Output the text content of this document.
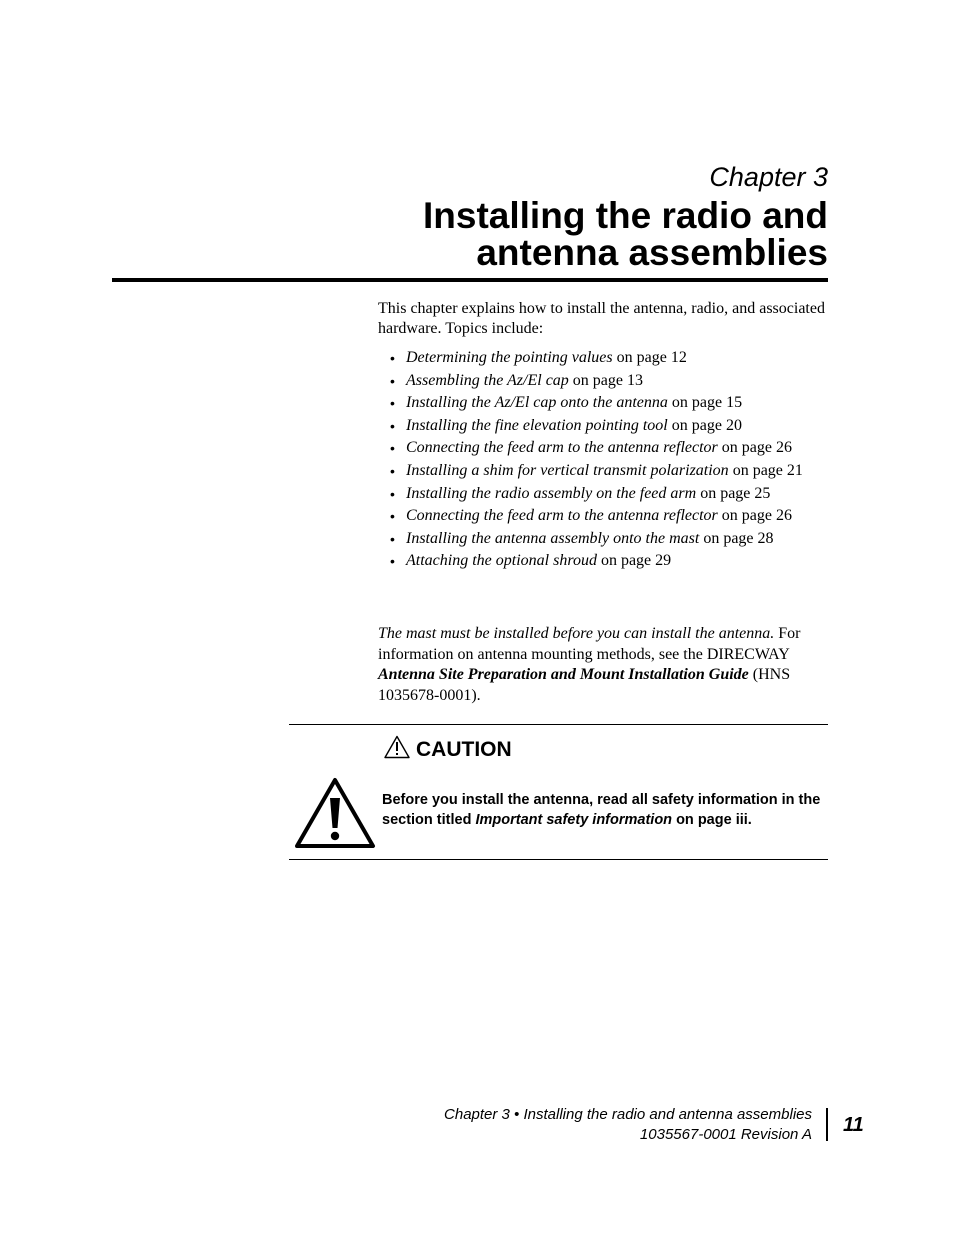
Chapter 3
Installing the radio and
antenna assemblies

This chapter explains how to install the antenna, radio, and associated hardware. Topics include:

• Determining the pointing values on page 12
• Assembling the Az/El cap on page 13
• Installing the Az/El cap onto the antenna on page 15
• Installing the fine elevation pointing tool on page 20
• Connecting the feed arm to the antenna reflector on page 26
• Installing a shim for vertical transmit polarization on page 21
• Installing the radio assembly on the feed arm on page 25
• Connecting the feed arm to the antenna reflector on page 26
• Installing the antenna assembly onto the mast on page 28
• Attaching the optional shroud on page 29

The mast must be installed before you can install the antenna. For information on antenna mounting methods, see the DIRECWAY Antenna Site Preparation and Mount Installation Guide (HNS 1035678-0001).

CAUTION

Before you install the antenna, read all safety information in the section titled Important safety information on page iii.

Chapter 3 • Installing the radio and antenna assemblies
1035567-0001 Revision A 11
